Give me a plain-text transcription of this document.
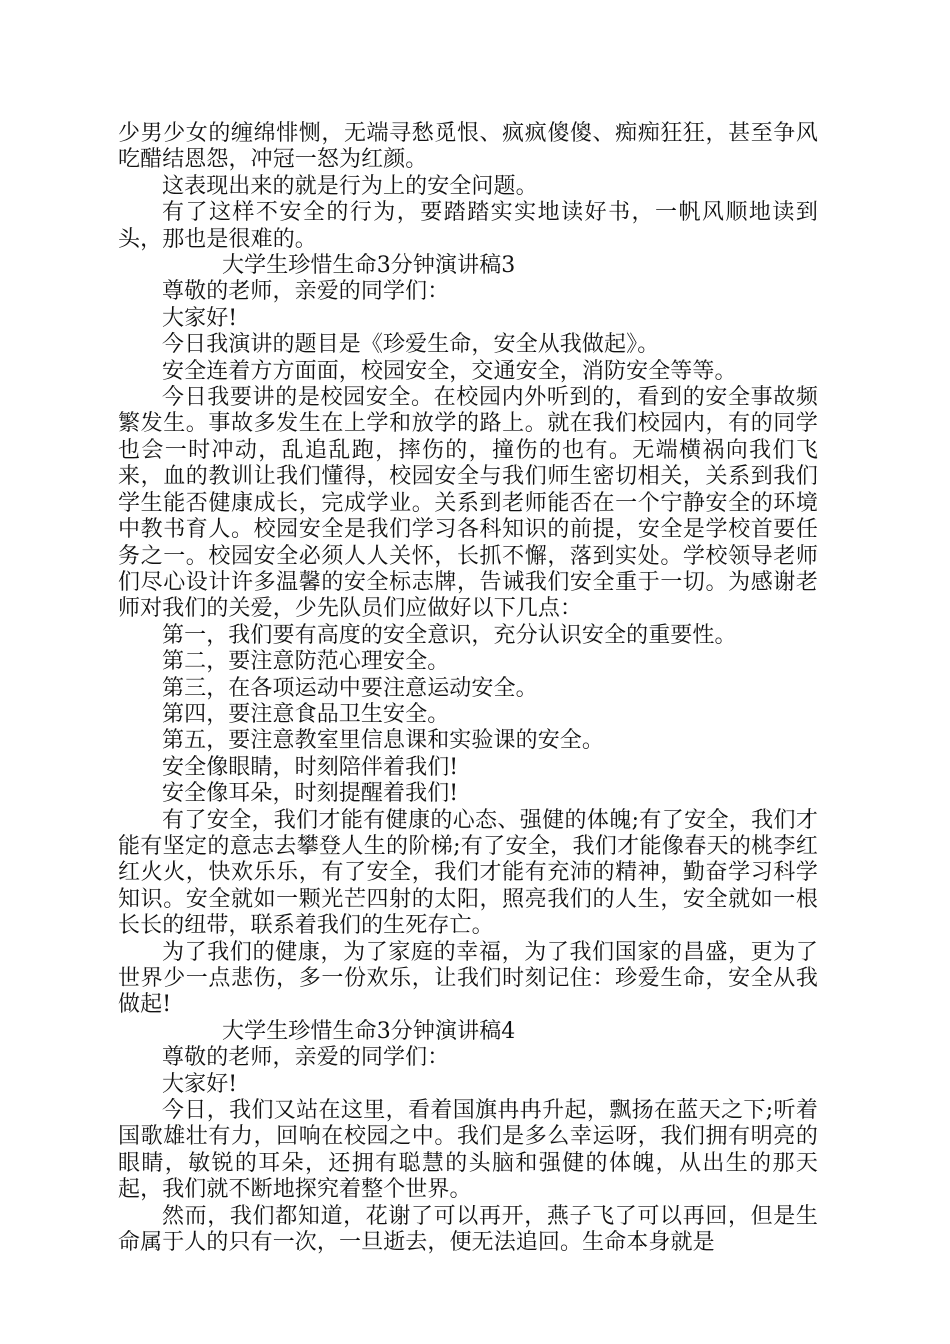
少男少女的缠绵悱恻，无端寻愁觅恨、疯疯傻傻、痴痴狂狂，甚至争风吃醋结恩怨，冲冠一怒为红颜。

这表现出来的就是行为上的安全问题。

有了这样不安全的行为，要踏踏实实地读好书，一帆风顺地读到头，那也是很难的。

大学生珍惜生命3分钟演讲稿3

尊敬的老师，亲爱的同学们：

大家好!

今日我演讲的题目是《珍爱生命，安全从我做起》。

安全连着方方面面，校园安全，交通安全，消防安全等等。

今日我要讲的是校园安全。在校园内外听到的，看到的安全事故频繁发生。事故多发生在上学和放学的路上。就在我们校园内，有的同学也会一时冲动，乱追乱跑，摔伤的，撞伤的也有。无端横祸向我们飞来，血的教训让我们懂得，校园安全与我们师生密切相关，关系到我们学生能否健康成长，完成学业。关系到老师能否在一个宁静安全的环境中教书育人。校园安全是我们学习各科知识的前提，安全是学校首要任务之一。校园安全必须人人关怀，长抓不懈，落到实处。学校领导老师们尽心设计许多温馨的安全标志牌，告诫我们安全重于一切。为感谢老师对我们的关爱，少先队员们应做好以下几点：

第一，我们要有高度的安全意识，充分认识安全的重要性。

第二，要注意防范心理安全。

第三，在各项运动中要注意运动安全。

第四，要注意食品卫生安全。

第五，要注意教室里信息课和实验课的安全。

安全像眼睛，时刻陪伴着我们!

安全像耳朵，时刻提醒着我们!

有了安全，我们才能有健康的心态、强健的体魄;有了安全，我们才能有坚定的意志去攀登人生的阶梯;有了安全，我们才能像春天的桃李红红火火，快欢乐乐，有了安全，我们才能有充沛的精神，勤奋学习科学知识。安全就如一颗光芒四射的太阳，照亮我们的人生，安全就如一根长长的纽带，联系着我们的生死存亡。

为了我们的健康，为了家庭的幸福，为了我们国家的昌盛，更为了世界少一点悲伤，多一份欢乐，让我们时刻记住：珍爱生命，安全从我做起!

大学生珍惜生命3分钟演讲稿4

尊敬的老师，亲爱的同学们：

大家好!

今日，我们又站在这里，看着国旗冉冉升起，飘扬在蓝天之下;听着国歌雄壮有力，回响在校园之中。我们是多么幸运呀，我们拥有明亮的眼睛，敏锐的耳朵，还拥有聪慧的头脑和强健的体魄，从出生的那天起，我们就不断地探究着整个世界。

然而，我们都知道，花谢了可以再开，燕子飞了可以再回，但是生命属于人的只有一次，一旦逝去，便无法追回。生命本身就是
